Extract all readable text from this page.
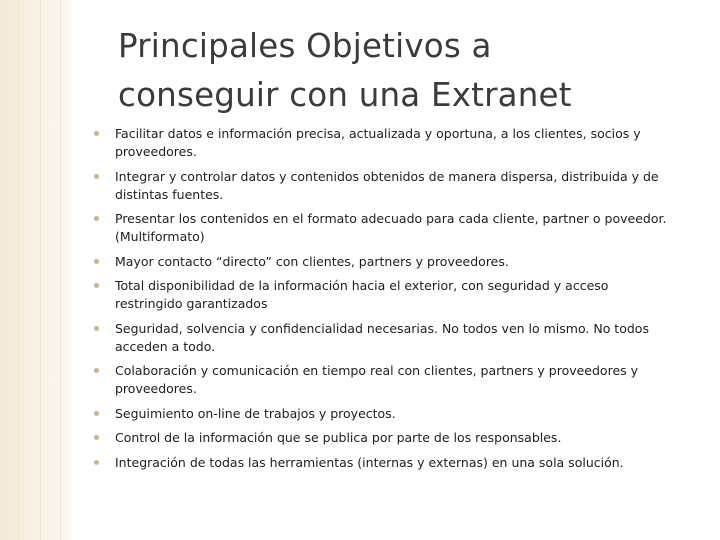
Principales Objetivos a
conseguir con una Extranet
Facilitar datos e información precisa, actualizada y oportuna, a los clientes, socios y proveedores.
Integrar y controlar datos y contenidos obtenidos de manera dispersa, distribuida y de distintas fuentes.
Presentar los contenidos en el formato adecuado para cada cliente, partner o poveedor. (Multiformato)
Mayor contacto “directo” con clientes, partners y proveedores.
Total disponibilidad de la información hacia el exterior, con seguridad y acceso restringido garantizados
Seguridad, solvencia y confidencialidad necesarias. No todos ven lo mismo. No todos acceden a todo.
Colaboración y comunicación en tiempo real con clientes, partners y proveedores y proveedores.
Seguimiento on-line de trabajos y proyectos.
Control de la información que se publica por parte de los responsables.
Integración de todas las herramientas (internas y externas) en una sola solución.
